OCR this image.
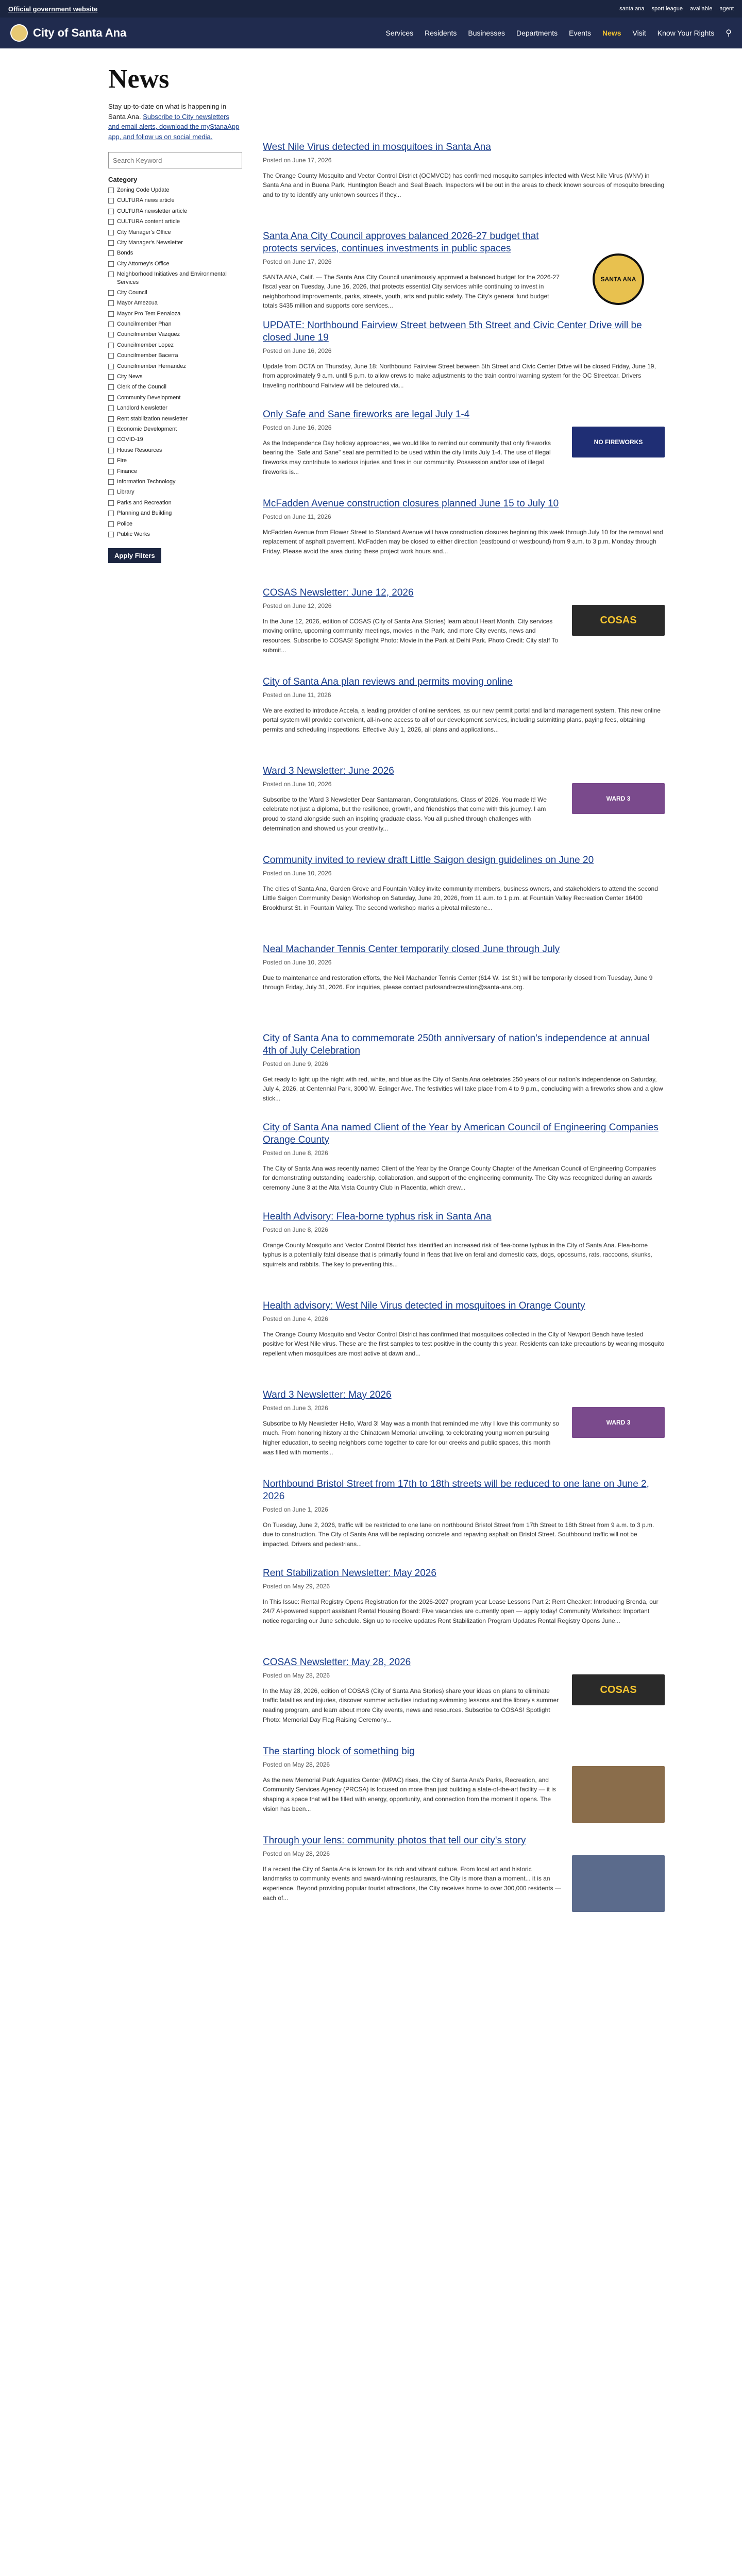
Official government website	santa ana sport league available agent
City of Santa Ana	Services Residents Businesses Departments Events News Visit Know Your Rights ⚲
News

Stay up-to-date on what is happening in Santa Ana. Subscribe to City newsletters and email alerts, download the myStanaApp app, and follow us on social media.

Search Keyword
Category
Zoning Code Update
CULTURA news article
CULTURA newsletter article
CULTURA content article
City Manager's Office
City Manager's Newsletter
Bonds
City Attorney's Office
Neighborhood Initiatives and Environmental Services
City Council
Mayor Amezcua
Mayor Pro Tem Penaloza
Councilmember Phan
Councilmember Vazquez
Councilmember Lopez
Councilmember Bacerra
Councilmember Hernandez
City News
Clerk of the Council
Community Development
Landlord Newsletter
Rent stabilization newsletter
Economic Development
COVID-19
House Resources
Fire
Finance
Information Technology
Library
Parks and Recreation
Planning and Building
Police
Public Works
Apply Filters
West Nile Virus detected in mosquitoes in Santa Ana
Posted on June 17, 2026

The Orange County Mosquito and Vector Control District (OCMVCD) has confirmed mosquito samples infected with West Nile Virus (WNV) in Santa Ana and in Buena Park, Huntington Beach and Seal Beach. Inspectors will be out in the areas to check known sources of mosquito breeding and to try to identify any unknown sources if they...

Santa Ana City Council approves balanced 2026-27 budget that protects services, continues investments in public spaces
Posted on June 17, 2026

SANTA ANA, Calif. — The Santa Ana City Council unanimously approved a balanced budget for the 2026-27 fiscal year on Tuesday, June 16, 2026, that protects essential City services while continuing to invest in neighborhood improvements, parks, streets, youth, arts and public safety. The City's general fund budget totals $435 million and supports core services...

SANTA ANA
UPDATE: Northbound Fairview Street between 5th Street and Civic Center Drive will be closed June 19
Posted on June 16, 2026

Update from OCTA on Thursday, June 18: Northbound Fairview Street between 5th Street and Civic Center Drive will be closed Friday, June 19, from approximately 9 a.m. until 5 p.m. to allow crews to make adjustments to the train control warning system for the OC Streetcar. Drivers traveling northbound Fairview will be detoured via...

Only Safe and Sane fireworks are legal July 1-4
Posted on June 16, 2026

As the Independence Day holiday approaches, we would like to remind our community that only fireworks bearing the "Safe and Sane" seal are permitted to be used within the city limits July 1-4. The use of illegal fireworks may contribute to serious injuries and fires in our community. Possession and/or use of illegal fireworks is...

NO FIREWORKS
McFadden Avenue construction closures planned June 15 to July 10
Posted on June 11, 2026

McFadden Avenue from Flower Street to Standard Avenue will have construction closures beginning this week through July 10 for the removal and replacement of asphalt pavement. McFadden may be closed to either direction (eastbound or westbound) from 9 a.m. to 3 p.m. Monday through Friday. Please avoid the area during these project work hours and...

COSAS Newsletter: June 12, 2026
Posted on June 12, 2026

In the June 12, 2026, edition of COSAS (City of Santa Ana Stories) learn about Heart Month, City services moving online, upcoming community meetings, movies in the Park, and more City events, news and resources. Subscribe to COSAS! Spotlight Photo: Movie in the Park at Delhi Park. Photo Credit: City staff To submit...

COSAS
City of Santa Ana plan reviews and permits moving online
Posted on June 11, 2026

We are excited to introduce Accela, a leading provider of online services, as our new permit portal and land management system. This new online portal system will provide convenient, all-in-one access to all of our development services, including submitting plans, paying fees, obtaining permits and scheduling inspections. Effective July 1, 2026, all plans and applications...

Ward 3 Newsletter: June 2026
Posted on June 10, 2026

Subscribe to the Ward 3 Newsletter Dear Santamaran, Congratulations, Class of 2026. You made it! We celebrate not just a diploma, but the resilience, growth, and friendships that come with this journey. I am proud to stand alongside such an inspiring graduate class. You all pushed through challenges with determination and showed us your creativity...

WARD 3
Community invited to review draft Little Saigon design guidelines on June 20
Posted on June 10, 2026

The cities of Santa Ana, Garden Grove and Fountain Valley invite community members, business owners, and stakeholders to attend the second Little Saigon Community Design Workshop on Saturday, June 20, 2026, from 11 a.m. to 1 p.m. at Fountain Valley Recreation Center 16400 Brookhurst St. in Fountain Valley. The second workshop marks a pivotal milestone...

Neal Machander Tennis Center temporarily closed June through July
Posted on June 10, 2026

Due to maintenance and restoration efforts, the Neil Machander Tennis Center (614 W. 1st St.) will be temporarily closed from Tuesday, June 9 through Friday, July 31, 2026. For inquiries, please contact parksandrecreation@santa-ana.org.

City of Santa Ana to commemorate 250th anniversary of nation's independence at annual 4th of July Celebration
Posted on June 9, 2026

Get ready to light up the night with red, white, and blue as the City of Santa Ana celebrates 250 years of our nation's independence on Saturday, July 4, 2026, at Centennial Park, 3000 W. Edinger Ave. The festivities will take place from 4 to 9 p.m., concluding with a fireworks show and a glow stick...

City of Santa Ana named Client of the Year by American Council of Engineering Companies Orange County
Posted on June 8, 2026

The City of Santa Ana was recently named Client of the Year by the Orange County Chapter of the American Council of Engineering Companies for demonstrating outstanding leadership, collaboration, and support of the engineering community. The City was recognized during an awards ceremony June 3 at the Alta Vista Country Club in Placentia, which drew...

Health Advisory: Flea-borne typhus risk in Santa Ana
Posted on June 8, 2026

Orange County Mosquito and Vector Control District has identified an increased risk of flea-borne typhus in the City of Santa Ana. Flea-borne typhus is a potentially fatal disease that is primarily found in fleas that live on feral and domestic cats, dogs, opossums, rats, raccoons, skunks, squirrels and rabbits. The key to preventing this...

Health advisory: West Nile Virus detected in mosquitoes in Orange County
Posted on June 4, 2026

The Orange County Mosquito and Vector Control District has confirmed that mosquitoes collected in the City of Newport Beach have tested positive for West Nile virus. These are the first samples to test positive in the county this year. Residents can take precautions by wearing mosquito repellent when mosquitoes are most active at dawn and...

Ward 3 Newsletter: May 2026
Posted on June 3, 2026

Subscribe to My Newsletter Hello, Ward 3! May was a month that reminded me why I love this community so much. From honoring history at the Chinatown Memorial unveiling, to celebrating young women pursuing higher education, to seeing neighbors come together to care for our creeks and public spaces, this month was filled with moments...

WARD 3
Northbound Bristol Street from 17th to 18th streets will be reduced to one lane on June 2, 2026
Posted on June 1, 2026

On Tuesday, June 2, 2026, traffic will be restricted to one lane on northbound Bristol Street from 17th Street to 18th Street from 9 a.m. to 3 p.m. due to construction. The City of Santa Ana will be replacing concrete and repaving asphalt on Bristol Street. Southbound traffic will not be impacted. Drivers and pedestrians...

Rent Stabilization Newsletter: May 2026
Posted on May 29, 2026

In This Issue: Rental Registry Opens Registration for the 2026-2027 program year Lease Lessons Part 2: Rent Cheaker: Introducing Brenda, our 24/7 AI-powered support assistant Rental Housing Board: Five vacancies are currently open — apply today! Community Workshop: Important notice regarding our June schedule. Sign up to receive updates Rent Stabilization Program Updates Rental Registry Opens June...

COSAS Newsletter: May 28, 2026
Posted on May 28, 2026

In the May 28, 2026, edition of COSAS (City of Santa Ana Stories) share your ideas on plans to eliminate traffic fatalities and injuries, discover summer activities including swimming lessons and the library's summer reading program, and learn about more City events, news and resources. Subscribe to COSAS! Spotlight Photo: Memorial Day Flag Raising Ceremony...

COSAS
The starting block of something big
Posted on May 28, 2026

As the new Memorial Park Aquatics Center (MPAC) rises, the City of Santa Ana's Parks, Recreation, and Community Services Agency (PRCSA) is focused on more than just building a state-of-the-art facility — it is shaping a space that will be filled with energy, opportunity, and connection from the moment it opens. The vision has been...

Through your lens: community photos that tell our city's story
Posted on May 28, 2026

If a recent the City of Santa Ana is known for its rich and vibrant culture. From local art and historic landmarks to community events and award-winning restaurants, the City is more than a moment... it is an experience. Beyond providing popular tourist attractions, the City receives home to over 300,000 residents — each of...
